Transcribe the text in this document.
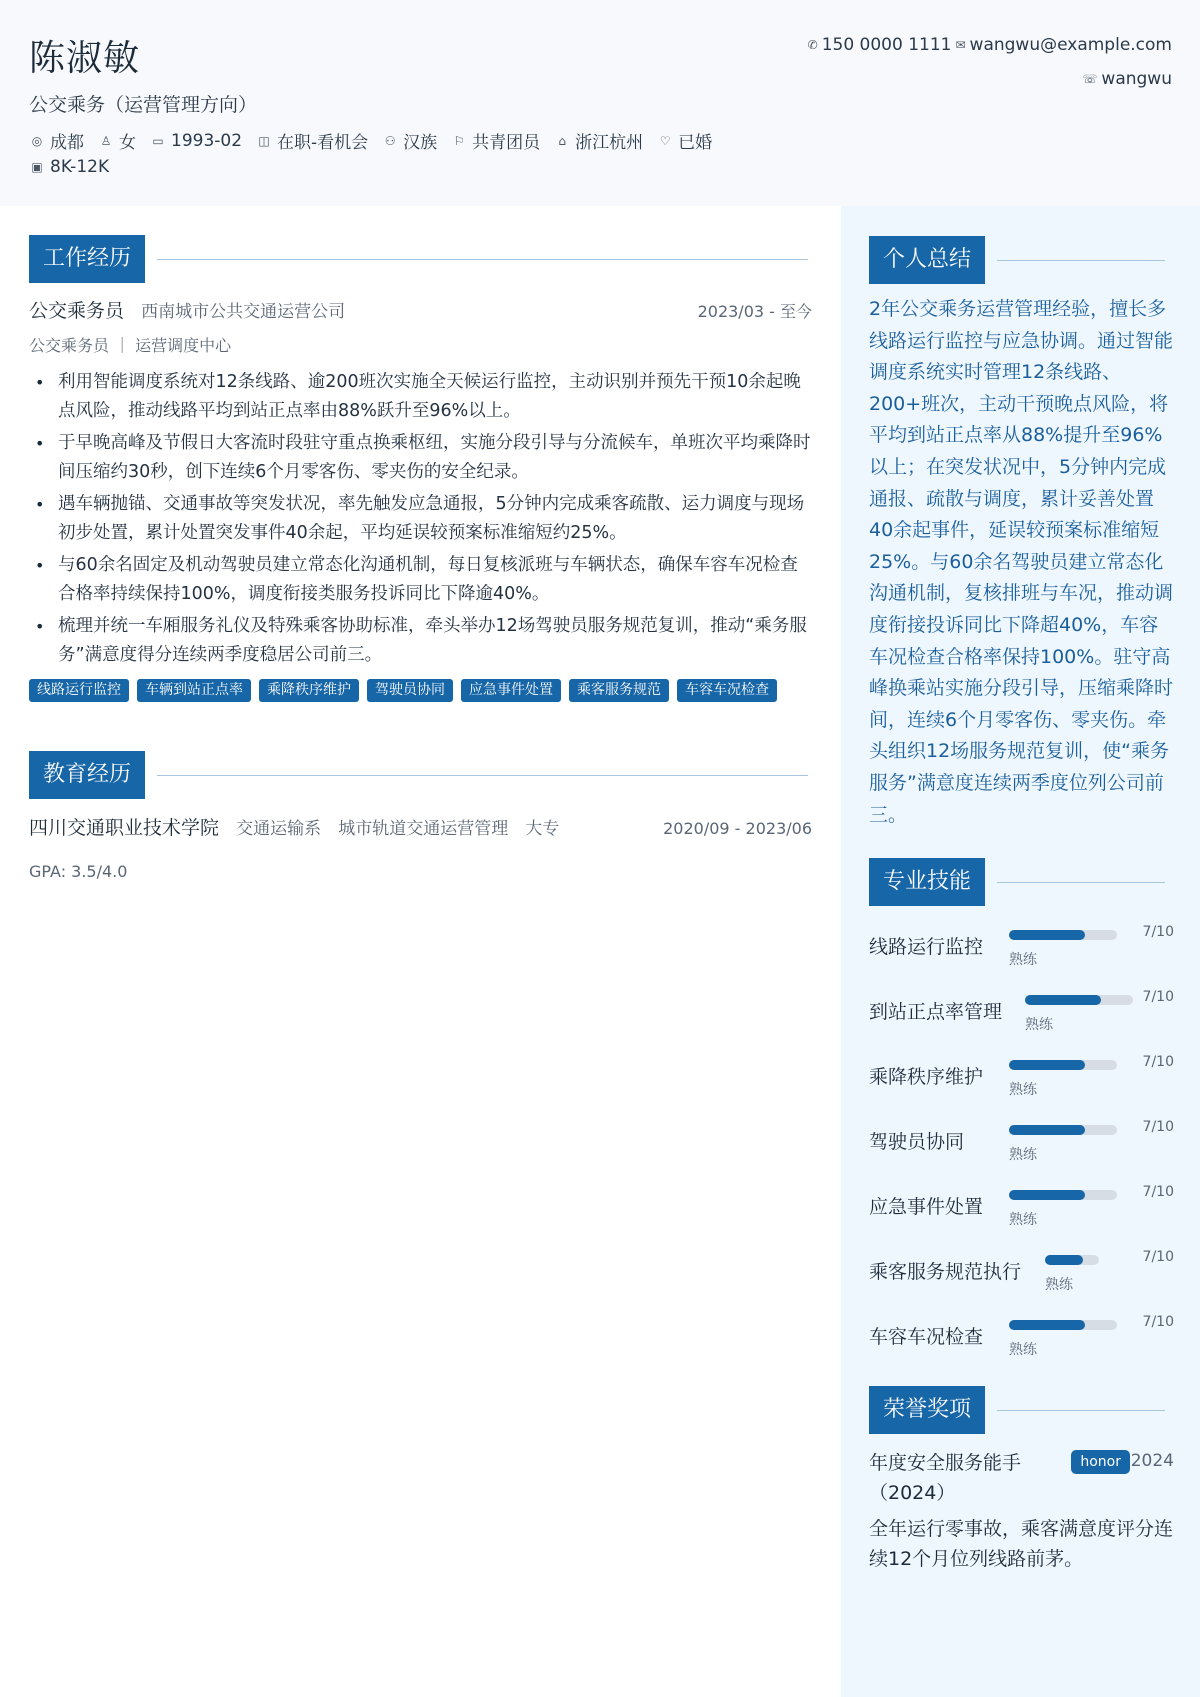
陈淑敏
公交乘务（运营管理方向）
◎ 成都 ♙ 女 ▭ 1993-02 ◫ 在职-看机会 ⚇ 汉族 ⚐ 共青团员	⌂ 浙江杭州 ♡ 已婚
▣ 8K-12K
✆ 150 0000 1111 ✉ wangwu@example.com
☏ wangwu
工作经历
公交乘务员 西南城市公共交通运营公司	2023/03 - 至今
公交乘务员 ｜ 运营调度中心
• 利用智能调度系统对12条线路、逾200班次实施全天候运行监控，主动识别并预先干预10余起晚点风险，推动线路平均到站正点率由88%跃升至96%以上。
• 于早晚高峰及节假日大客流时段驻守重点换乘枢纽，实施分段引导与分流候车，单班次平均乘降时间压缩约30秒，创下连续6个月零客伤、零夹伤的安全纪录。
• 遇车辆抛锚、交通事故等突发状况，率先触发应急通报，5分钟内完成乘客疏散、运力调度与现场初步处置，累计处置突发事件40余起，平均延误较预案标准缩短约25%。
• 与60余名固定及机动驾驶员建立常态化沟通机制，每日复核派班与车辆状态，确保车容车况检查合格率持续保持100%，调度衔接类服务投诉同比下降逾40%。
• 梳理并统一车厢服务礼仪及特殊乘客协助标准，牵头举办12场驾驶员服务规范复训，推动“乘务服务”满意度得分连续两季度稳居公司前三。
线路运行监控	车辆到站正点率	乘降秩序维护	驾驶员协同	应急事件处置	乘客服务规范	车容车况检查
教育经历
四川交通职业技术学院 交通运输系 城市轨道交通运营管理 大专	2020/09 - 2023/06
GPA: 3.5/4.0
个人总结
2年公交乘务运营管理经验，擅长多线路运行监控与应急协调。通过智能调度系统实时管理12条线路、200+班次，主动干预晚点风险，将平均到站正点率从88%提升至96%以上；在突发状况中，5分钟内完成通报、疏散与调度，累计妥善处置40余起事件，延误较预案标准缩短25%。与60余名驾驶员建立常态化沟通机制，复核排班与车况，推动调度衔接投诉同比下降超40%，车容车况检查合格率保持100%。驻守高峰换乘站实施分段引导，压缩乘降时间，连续6个月零客伤、零夹伤。牵头组织12场服务规范复训，使“乘务服务”满意度连续两季度位列公司前三。
专业技能
线路运行监控
熟练
7/10
到站正点率管理
熟练
7/10
乘降秩序维护
熟练
7/10
驾驶员协同
熟练
7/10
应急事件处置
熟练
7/10
乘客服务规范执行
熟练
7/10
车容车况检查
熟练
7/10
荣誉奖项
年度安全服务能手（2024）
honor 2024
全年运行零事故，乘客满意度评分连续12个月位列线路前茅。
